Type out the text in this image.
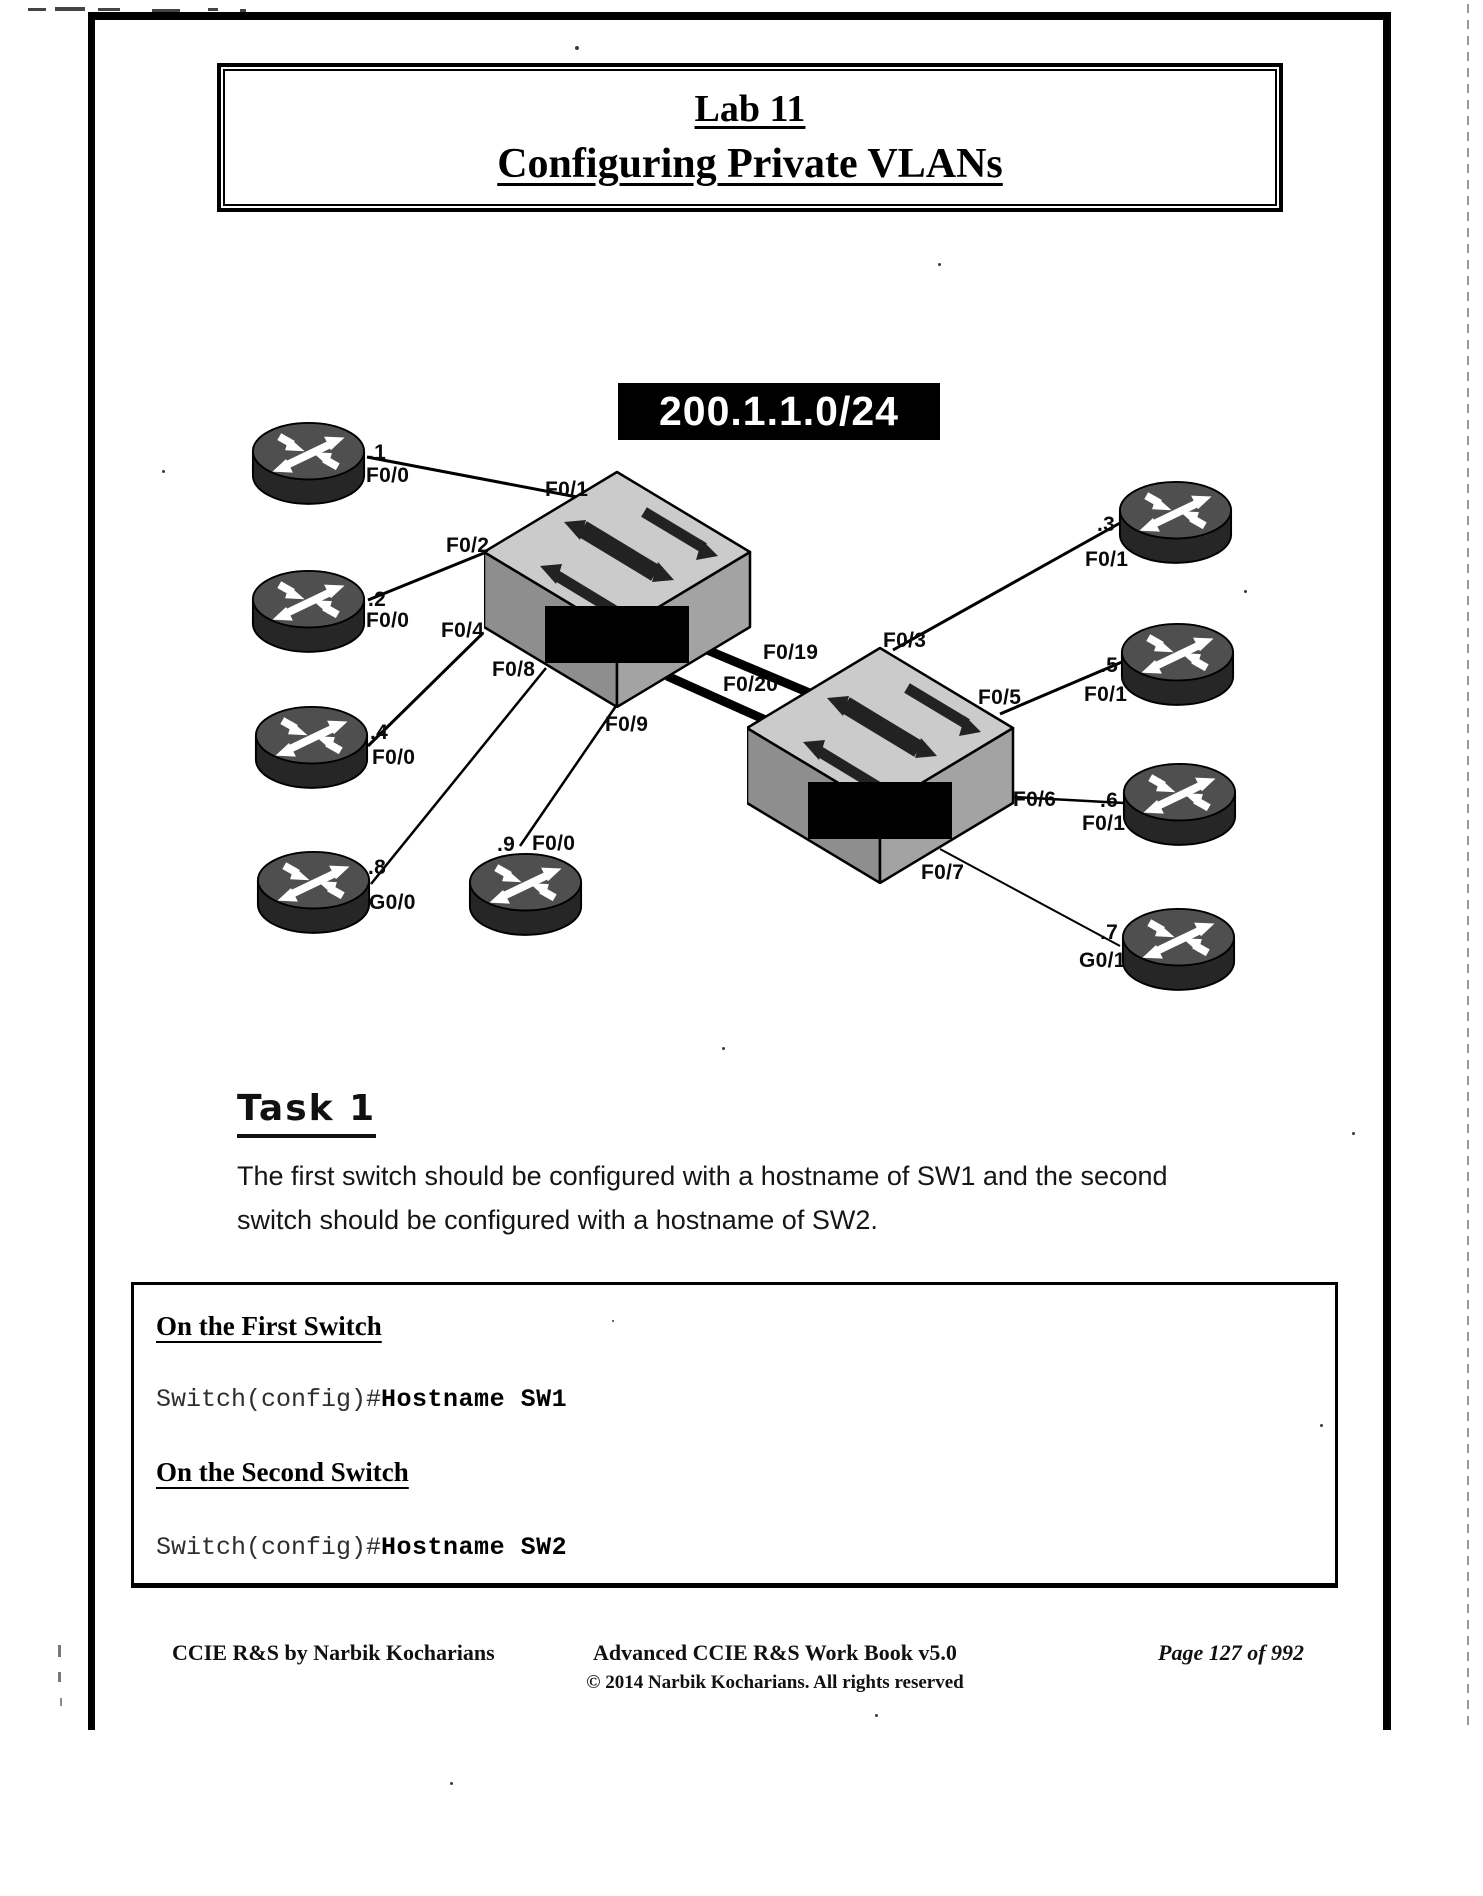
Lab 11
Configuring Private VLANs
200.1.1.0/24
F0/1
F0/2
F0/4
F0/8
F0/9
F0/19
F0/20
F0/3
F0/5
F0/6
F0/7
.1
F0/0
.2
F0/0
.4
F0/0
.8
G0/0
.9 F0/0
.3
F0/1
.5
F0/1
.6
F0/1
.7
G0/1
Task 1
The first switch should be configured with a hostname of SW1 and the second switch should be configured with a hostname of SW2.
On the First Switch
Switch(config)#Hostname SW1
On the Second Switch
Switch(config)#Hostname SW2
CCIE R&S by Narbik Kocharians	Advanced CCIE R&S Work Book v5.0
© 2014 Narbik Kocharians. All rights reserved
Page 127 of 992
